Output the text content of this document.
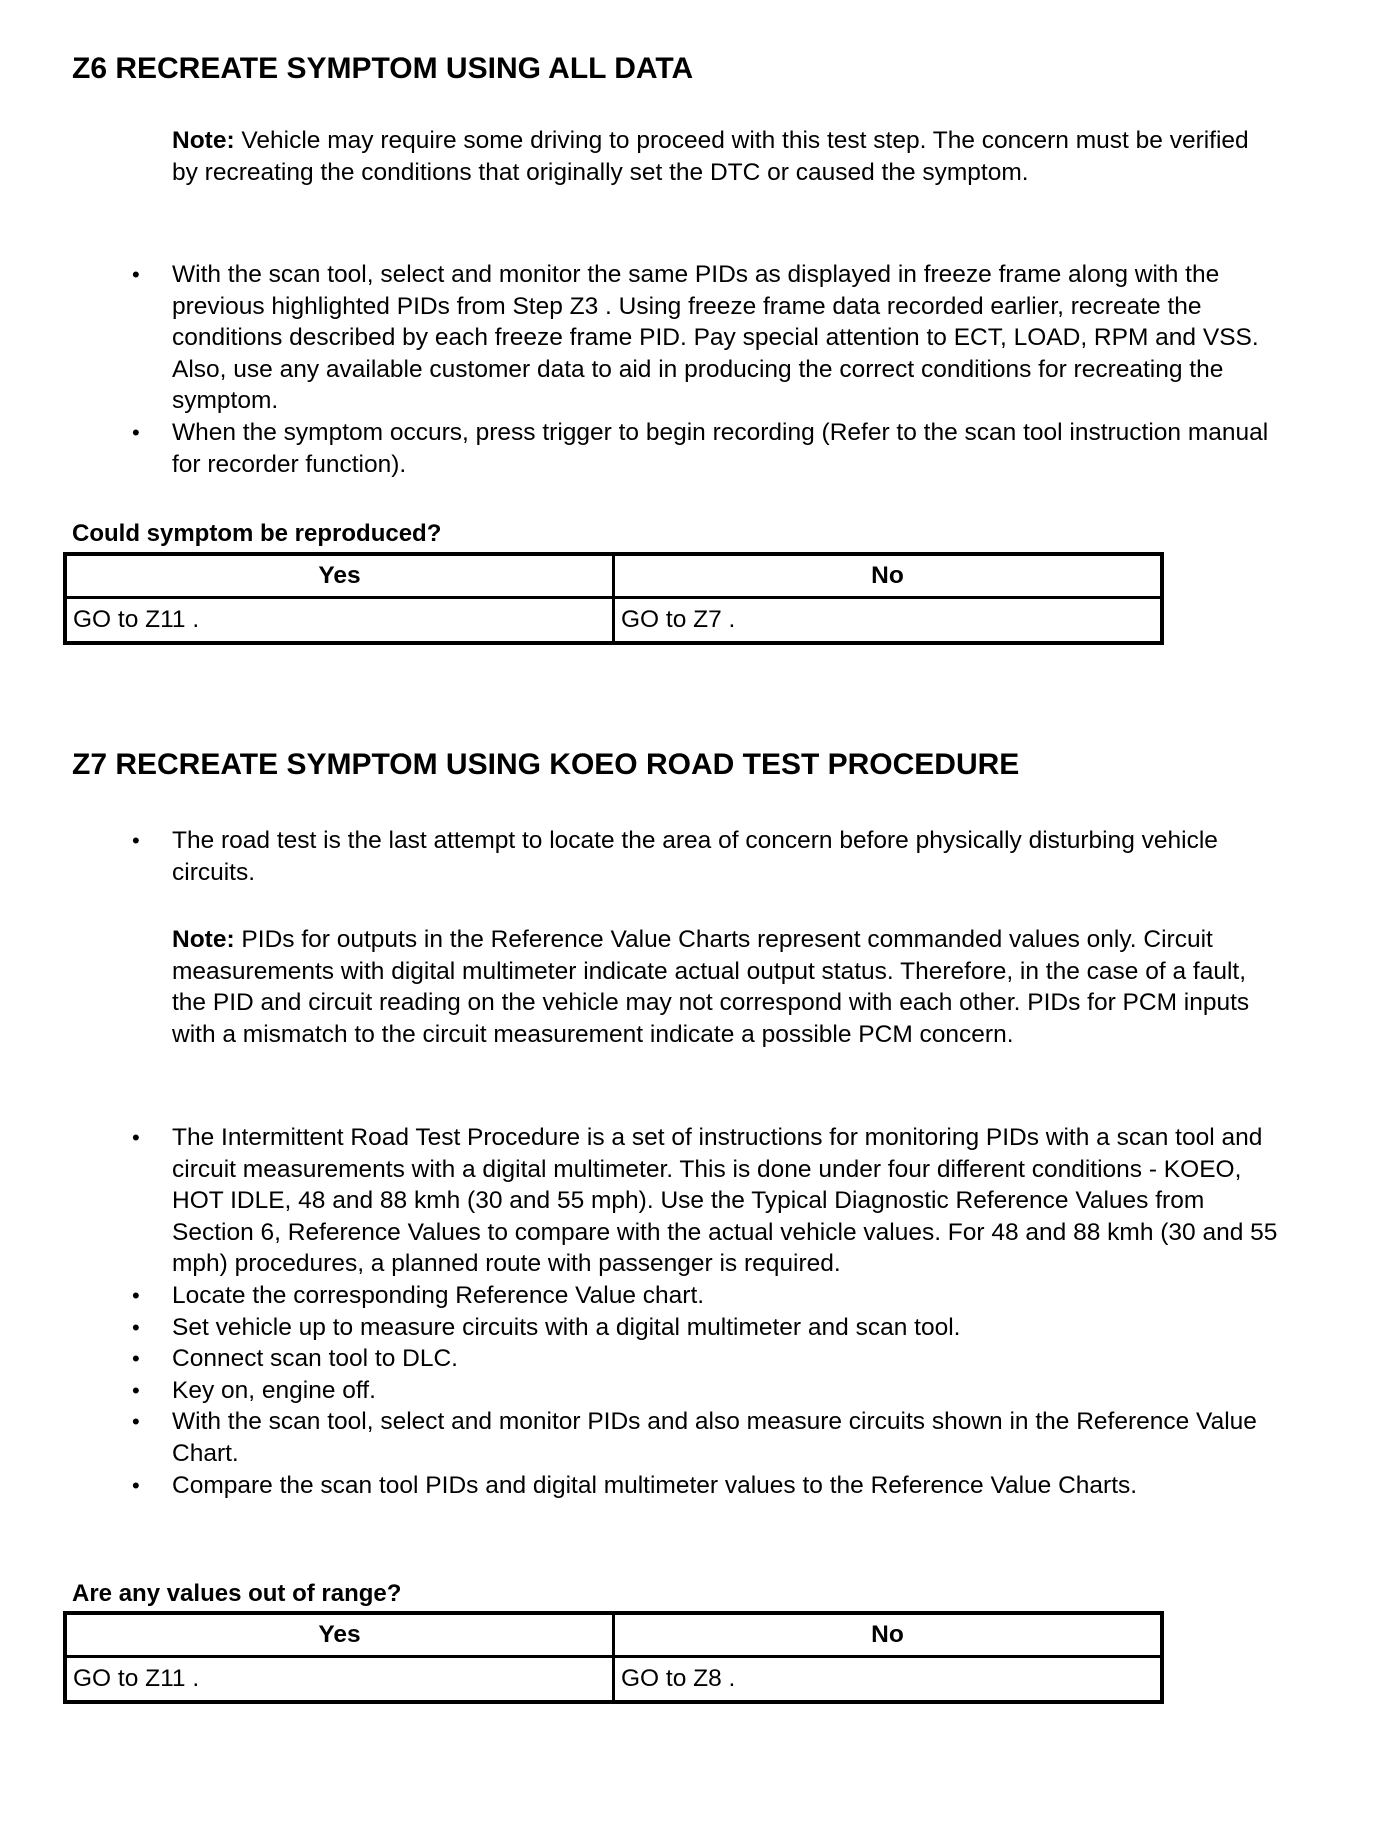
Z6 RECREATE SYMPTOM USING ALL DATA
Note: Vehicle may require some driving to proceed with this test step. The concern must be verified by recreating the conditions that originally set the DTC or caused the symptom.
• With the scan tool, select and monitor the same PIDs as displayed in freeze frame along with the previous highlighted PIDs from Step Z3 . Using freeze frame data recorded earlier, recreate the conditions described by each freeze frame PID. Pay special attention to ECT, LOAD, RPM and VSS. Also, use any available customer data to aid in producing the correct conditions for recreating the symptom.
• When the symptom occurs, press trigger to begin recording (Refer to the scan tool instruction manual for recorder function).
Could symptom be reproduced?
Yes	No
GO to Z11 .	GO to Z7 .
Z7 RECREATE SYMPTOM USING KOEO ROAD TEST PROCEDURE
• The road test is the last attempt to locate the area of concern before physically disturbing vehicle circuits.
Note: PIDs for outputs in the Reference Value Charts represent commanded values only. Circuit measurements with digital multimeter indicate actual output status. Therefore, in the case of a fault, the PID and circuit reading on the vehicle may not correspond with each other. PIDs for PCM inputs with a mismatch to the circuit measurement indicate a possible PCM concern.
• The Intermittent Road Test Procedure is a set of instructions for monitoring PIDs with a scan tool and circuit measurements with a digital multimeter. This is done under four different conditions - KOEO, HOT IDLE, 48 and 88 kmh (30 and 55 mph). Use the Typical Diagnostic Reference Values from Section 6, Reference Values to compare with the actual vehicle values. For 48 and 88 kmh (30 and 55 mph) procedures, a planned route with passenger is required.
• Locate the corresponding Reference Value chart.
• Set vehicle up to measure circuits with a digital multimeter and scan tool.
• Connect scan tool to DLC.
• Key on, engine off.
• With the scan tool, select and monitor PIDs and also measure circuits shown in the Reference Value Chart.
• Compare the scan tool PIDs and digital multimeter values to the Reference Value Charts.
Are any values out of range?
Yes	No
GO to Z11 .	GO to Z8 .
